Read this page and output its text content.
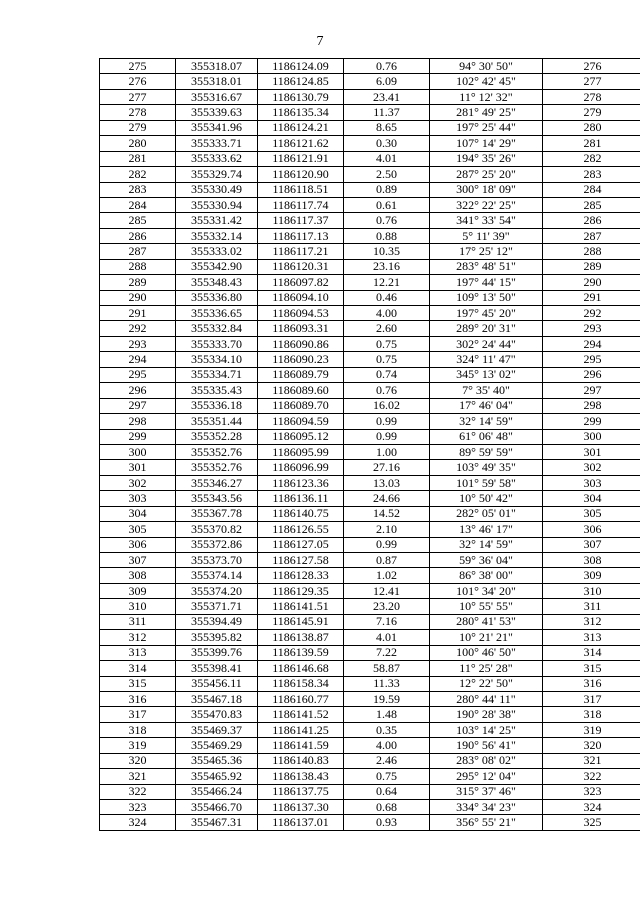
7
275	355318.07	1186124.09	0.76	94° 30' 50"	276
276	355318.01	1186124.85	6.09	102° 42' 45"	277
277	355316.67	1186130.79	23.41	11° 12' 32"	278
278	355339.63	1186135.34	11.37	281° 49' 25"	279
279	355341.96	1186124.21	8.65	197° 25' 44"	280
280	355333.71	1186121.62	0.30	107° 14' 29"	281
281	355333.62	1186121.91	4.01	194° 35' 26"	282
282	355329.74	1186120.90	2.50	287° 25' 20"	283
283	355330.49	1186118.51	0.89	300° 18' 09"	284
284	355330.94	1186117.74	0.61	322° 22' 25"	285
285	355331.42	1186117.37	0.76	341° 33' 54"	286
286	355332.14	1186117.13	0.88	5° 11' 39"	287
287	355333.02	1186117.21	10.35	17° 25' 12"	288
288	355342.90	1186120.31	23.16	283° 48' 51"	289
289	355348.43	1186097.82	12.21	197° 44' 15"	290
290	355336.80	1186094.10	0.46	109° 13' 50"	291
291	355336.65	1186094.53	4.00	197° 45' 20"	292
292	355332.84	1186093.31	2.60	289° 20' 31"	293
293	355333.70	1186090.86	0.75	302° 24' 44"	294
294	355334.10	1186090.23	0.75	324° 11' 47"	295
295	355334.71	1186089.79	0.74	345° 13' 02"	296
296	355335.43	1186089.60	0.76	7° 35' 40"	297
297	355336.18	1186089.70	16.02	17° 46' 04"	298
298	355351.44	1186094.59	0.99	32° 14' 59"	299
299	355352.28	1186095.12	0.99	61° 06' 48"	300
300	355352.76	1186095.99	1.00	89° 59' 59"	301
301	355352.76	1186096.99	27.16	103° 49' 35"	302
302	355346.27	1186123.36	13.03	101° 59' 58"	303
303	355343.56	1186136.11	24.66	10° 50' 42"	304
304	355367.78	1186140.75	14.52	282° 05' 01"	305
305	355370.82	1186126.55	2.10	13° 46' 17"	306
306	355372.86	1186127.05	0.99	32° 14' 59"	307
307	355373.70	1186127.58	0.87	59° 36' 04"	308
308	355374.14	1186128.33	1.02	86° 38' 00"	309
309	355374.20	1186129.35	12.41	101° 34' 20"	310
310	355371.71	1186141.51	23.20	10° 55' 55"	311
311	355394.49	1186145.91	7.16	280° 41' 53"	312
312	355395.82	1186138.87	4.01	10° 21' 21"	313
313	355399.76	1186139.59	7.22	100° 46' 50"	314
314	355398.41	1186146.68	58.87	11° 25' 28"	315
315	355456.11	1186158.34	11.33	12° 22' 50"	316
316	355467.18	1186160.77	19.59	280° 44' 11"	317
317	355470.83	1186141.52	1.48	190° 28' 38"	318
318	355469.37	1186141.25	0.35	103° 14' 25"	319
319	355469.29	1186141.59	4.00	190° 56' 41"	320
320	355465.36	1186140.83	2.46	283° 08' 02"	321
321	355465.92	1186138.43	0.75	295° 12' 04"	322
322	355466.24	1186137.75	0.64	315° 37' 46"	323
323	355466.70	1186137.30	0.68	334° 34' 23"	324
324	355467.31	1186137.01	0.93	356° 55' 21"	325
